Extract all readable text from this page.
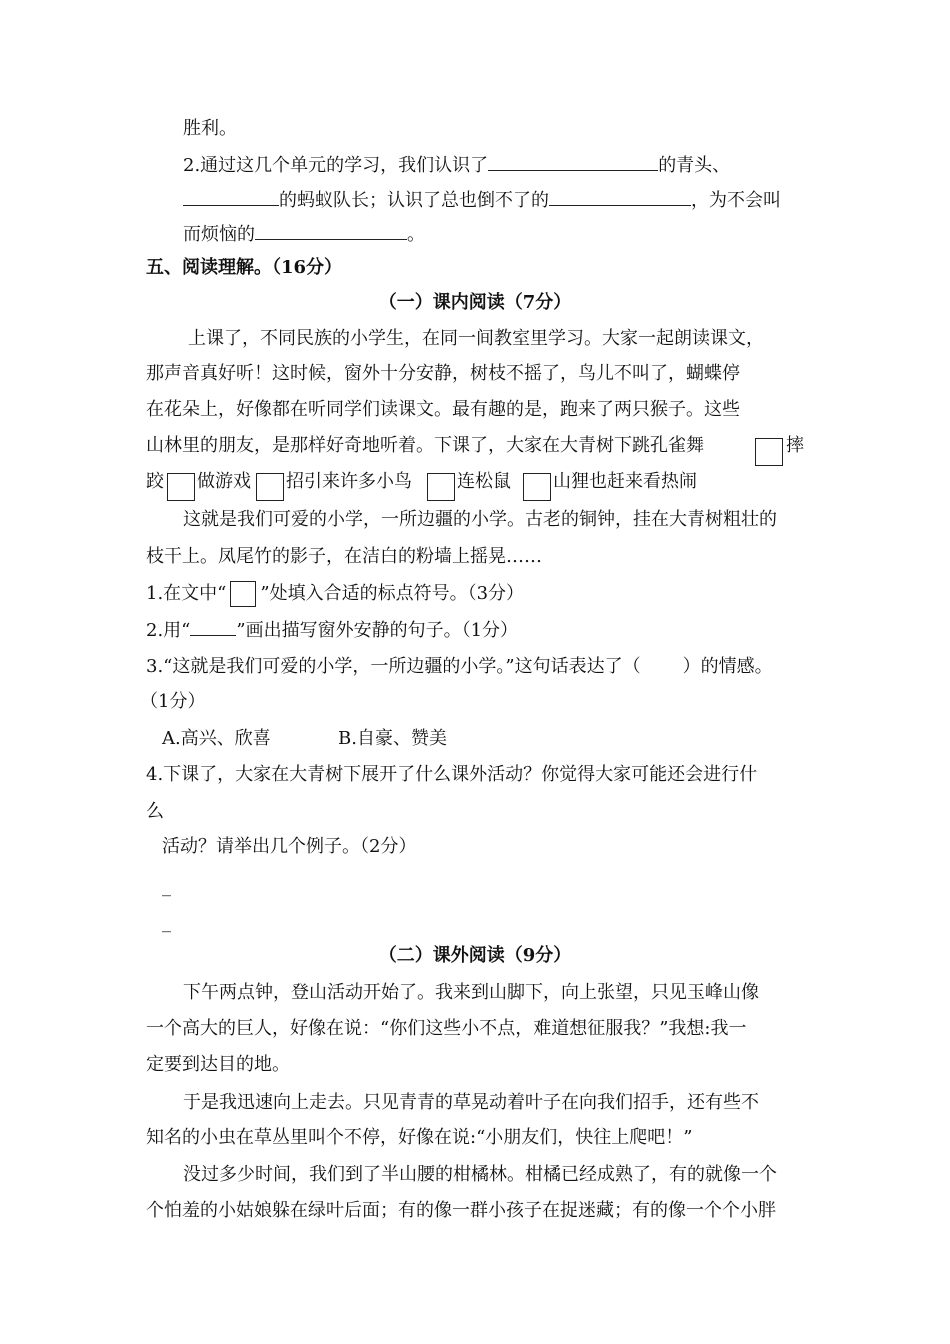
胜利。
2.通过这几个单元的学习，我们认识了	的青头、
的蚂蚁队长；认识了总也倒不了的	，为不会叫
而烦恼的	。
五、阅读理解。（16分）
（一）课内阅读（7分）
上课了，不同民族的小学生，在同一间教室里学习。大家一起朗读课文，
那声音真好听！这时候，窗外十分安静，树枝不摇了，鸟儿不叫了，蝴蝶停
在花朵上，好像都在听同学们读课文。最有趣的是，跑来了两只猴子。这些
山林里的朋友，是那样好奇地听着。下课了，大家在大青树下跳孔雀舞	摔
跤 做游戏 招引来许多小鸟	连松鼠 山狸也赶来看热闹
这就是我们可爱的小学，一所边疆的小学。古老的铜钟，挂在大青树粗壮的
枝干上。凤尾竹的影子，在洁白的粉墙上摇晃……
1.在文中“ ”处填入合适的标点符号。（3分）
2.用“	”画出描写窗外安静的句子。（1分）
3.“这就是我们可爱的小学，一所边疆的小学。”这句话表达了（ ）的情感。
（1分）
A.高兴、欣喜	B.自豪、赞美
4.下课了，大家在大青树下展开了什么课外活动？你觉得大家可能还会进行什
么
活动？请举出几个例子。（2分）
_
_
（二）课外阅读（9分）
下午两点钟，登山活动开始了。我来到山脚下，向上张望，只见玉峰山像
一个高大的巨人，好像在说：“你们这些小不点，难道想征服我？”我想:我一
定要到达目的地。
于是我迅速向上走去。只见青青的草晃动着叶子在向我们招手，还有些不
知名的小虫在草丛里叫个不停，好像在说:“小朋友们，快往上爬吧！”
没过多少时间，我们到了半山腰的柑橘林。柑橘已经成熟了，有的就像一个
个怕羞的小姑娘躲在绿叶后面；有的像一群小孩子在捉迷藏；有的像一个个小胖
